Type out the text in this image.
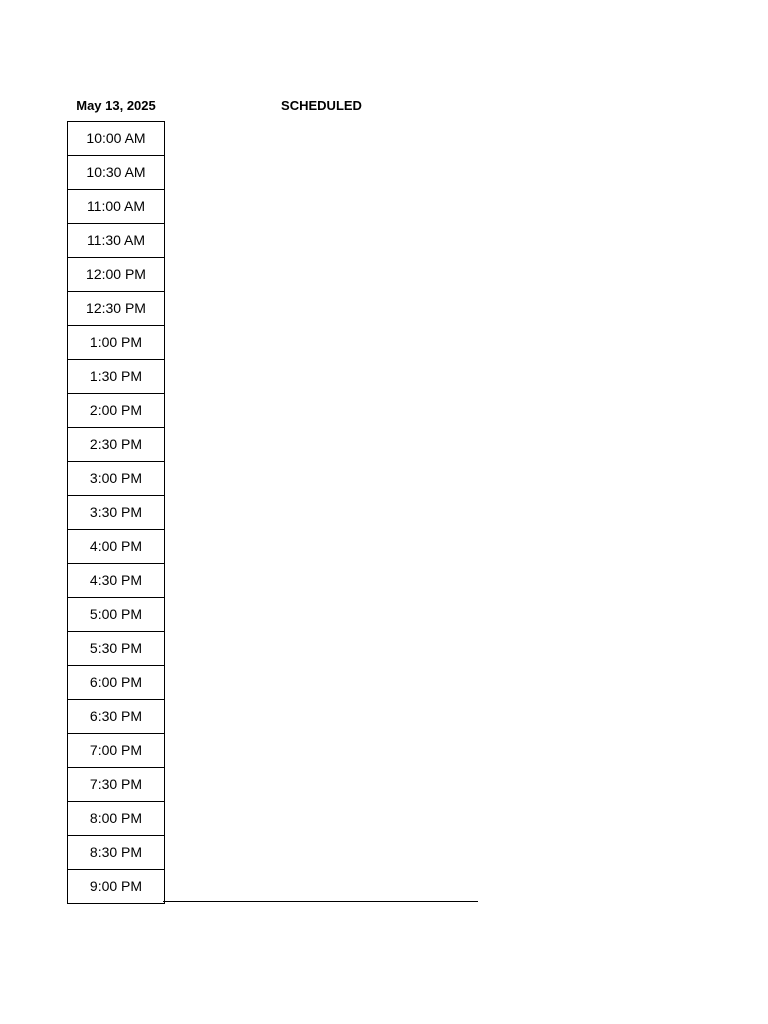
May 13, 2025	SCHEDULED
10:00 AM
10:30 AM
11:00 AM
11:30 AM
12:00 PM
12:30 PM
1:00 PM
1:30 PM
2:00 PM
2:30 PM
3:00 PM
3:30 PM
4:00 PM
4:30 PM
5:00 PM
5:30 PM
6:00 PM
6:30 PM
7:00 PM
7:30 PM
8:00 PM
8:30 PM
9:00 PM
